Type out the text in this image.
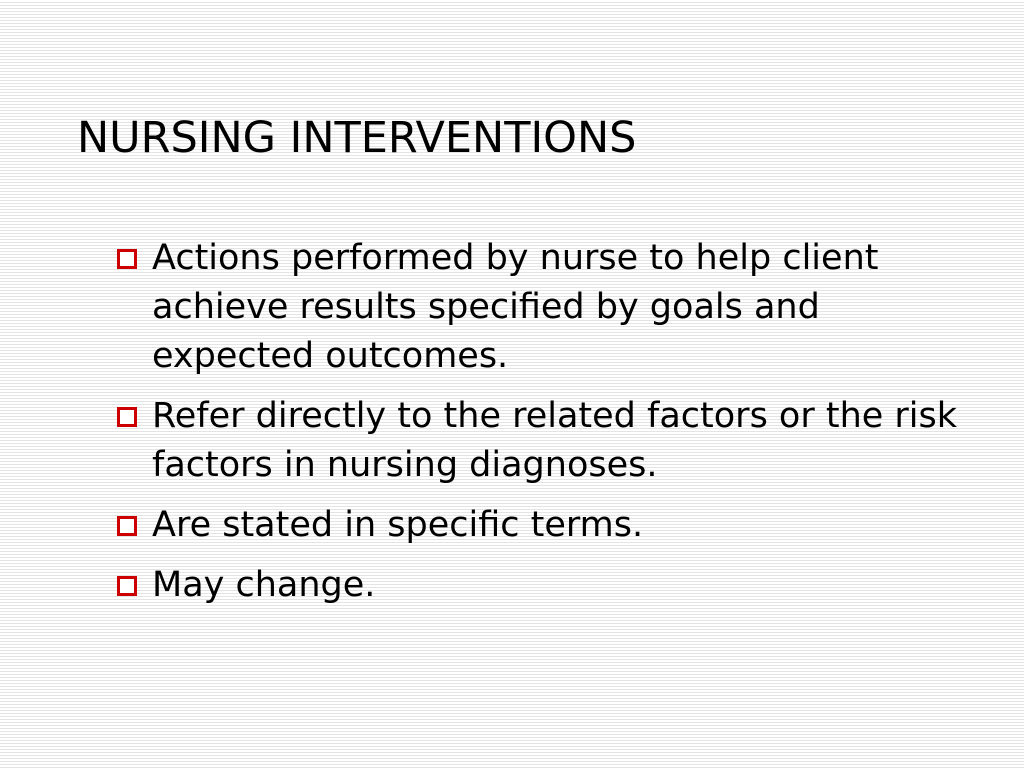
NURSING INTERVENTIONS
Actions performed by nurse to help client achieve results specified by goals and expected outcomes.
Refer directly to the related factors or the risk factors in nursing diagnoses.
Are stated in specific terms.
May change.
